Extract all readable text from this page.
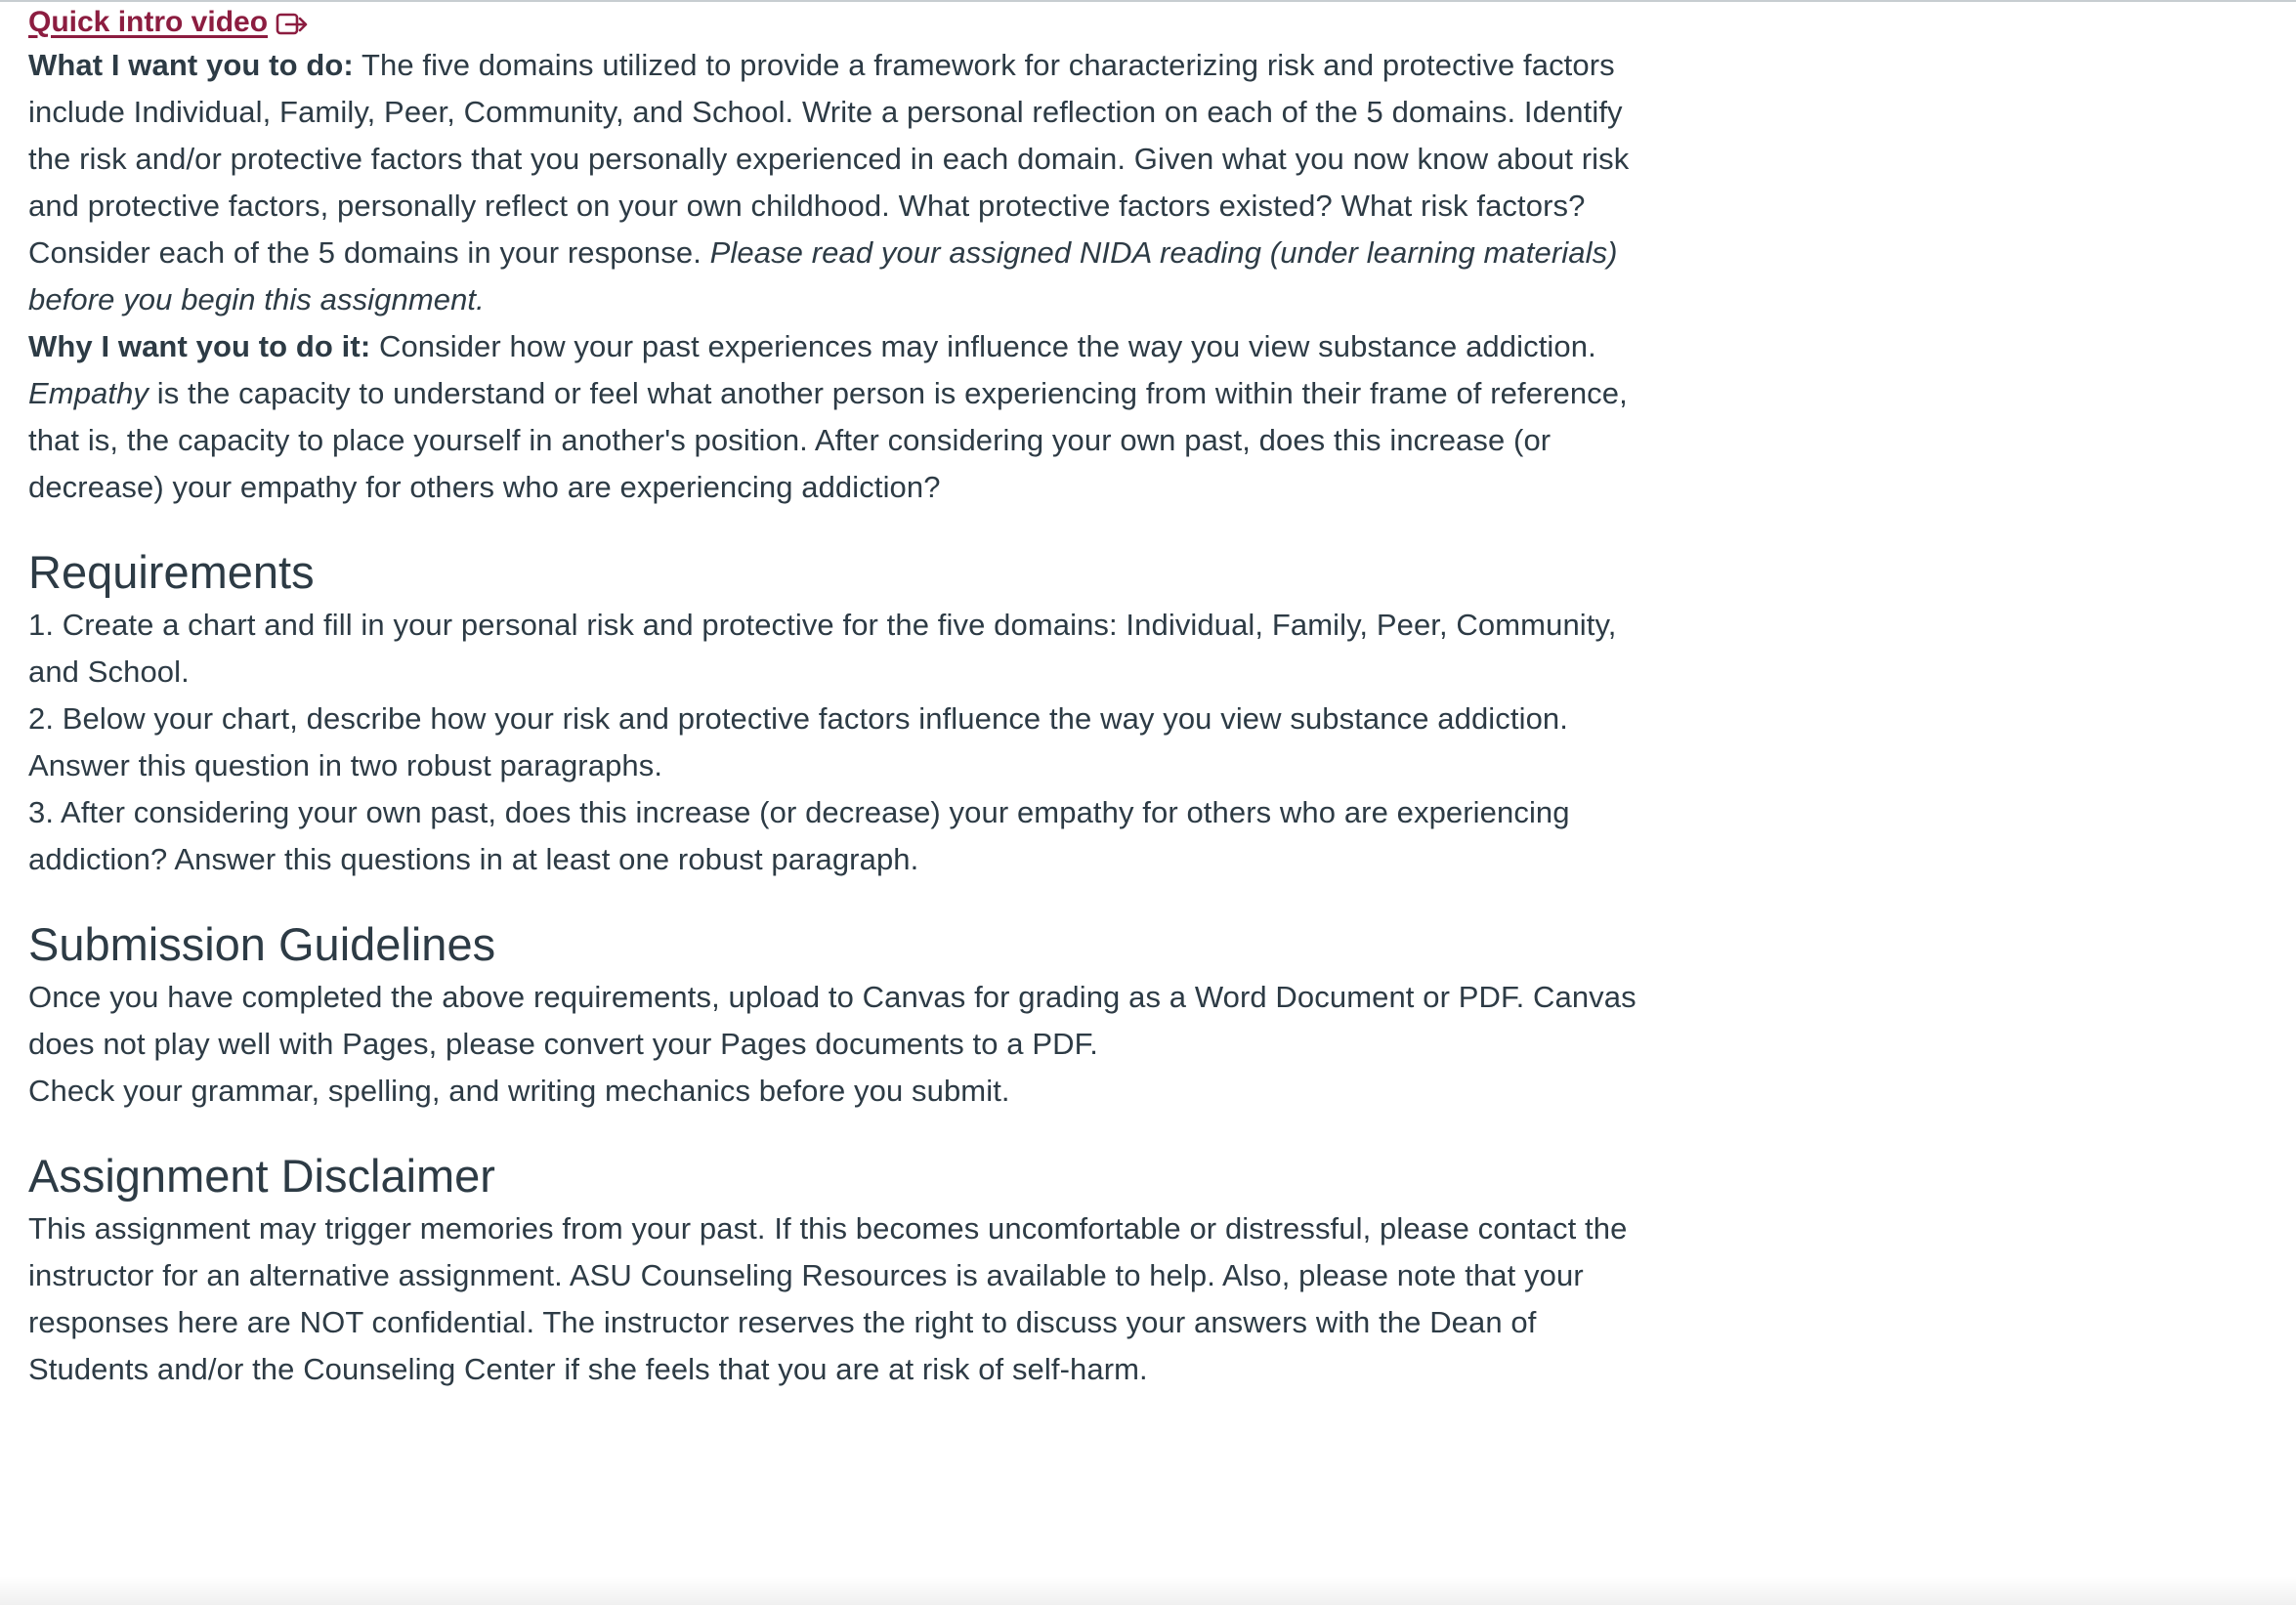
Quick intro video

What I want you to do: The five domains utilized to provide a framework for characterizing risk and protective factors include Individual, Family, Peer, Community, and School. Write a personal reflection on each of the 5 domains. Identify the risk and/or protective factors that you personally experienced in each domain. Given what you now know about risk and protective factors, personally reflect on your own childhood. What protective factors existed? What risk factors? Consider each of the 5 domains in your response. Please read your assigned NIDA reading (under learning materials) before you begin this assignment.

Why I want you to do it: Consider how your past experiences may influence the way you view substance addiction. Empathy is the capacity to understand or feel what another person is experiencing from within their frame of reference, that is, the capacity to place yourself in another's position. After considering your own past, does this increase (or decrease) your empathy for others who are experiencing addiction?

Requirements

1. Create a chart and fill in your personal risk and protective for the five domains: Individual, Family, Peer, Community, and School.

2. Below your chart, describe how your risk and protective factors influence the way you view substance addiction. Answer this question in two robust paragraphs.

3. After considering your own past, does this increase (or decrease) your empathy for others who are experiencing addiction? Answer this questions in at least one robust paragraph.

Submission Guidelines

Once you have completed the above requirements, upload to Canvas for grading as a Word Document or PDF. Canvas does not play well with Pages, please convert your Pages documents to a PDF.

Check your grammar, spelling, and writing mechanics before you submit.

Assignment Disclaimer

This assignment may trigger memories from your past. If this becomes uncomfortable or distressful, please contact the instructor for an alternative assignment. ASU Counseling Resources is available to help. Also, please note that your responses here are NOT confidential. The instructor reserves the right to discuss your answers with the Dean of Students and/or the Counseling Center if she feels that you are at risk of self-harm.
